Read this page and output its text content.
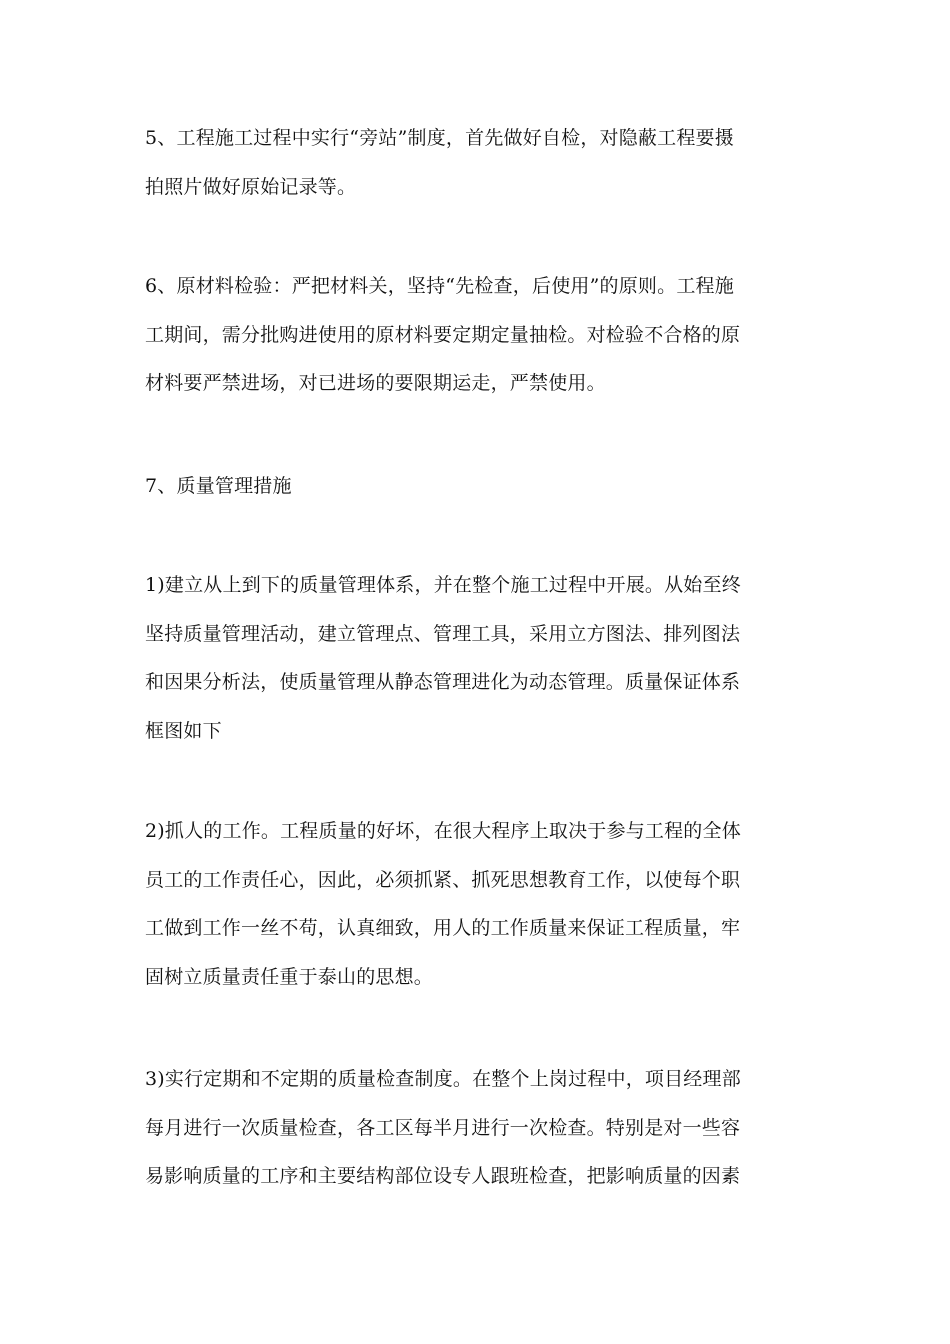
5、工程施工过程中实行“旁站”制度，首先做好自检，对隐蔽工程要摄
拍照片做好原始记录等。
6、原材料检验：严把材料关，坚持“先检查，后使用”的原则。工程施
工期间，需分批购进使用的原材料要定期定量抽检。对检验不合格的原
材料要严禁进场，对已进场的要限期运走，严禁使用。
7、质量管理措施
1)建立从上到下的质量管理体系，并在整个施工过程中开展。从始至终
坚持质量管理活动，建立管理点、管理工具，采用立方图法、排列图法
和因果分析法，使质量管理从静态管理进化为动态管理。质量保证体系
框图如下
2)抓人的工作。工程质量的好坏，在很大程序上取决于参与工程的全体
员工的工作责任心，因此，必须抓紧、抓死思想教育工作，以使每个职
工做到工作一丝不苟，认真细致，用人的工作质量来保证工程质量，牢
固树立质量责任重于泰山的思想。
3)实行定期和不定期的质量检查制度。在整个上岗过程中，项目经理部
每月进行一次质量检查，各工区每半月进行一次检查。特别是对一些容
易影响质量的工序和主要结构部位设专人跟班检查，把影响质量的因素
